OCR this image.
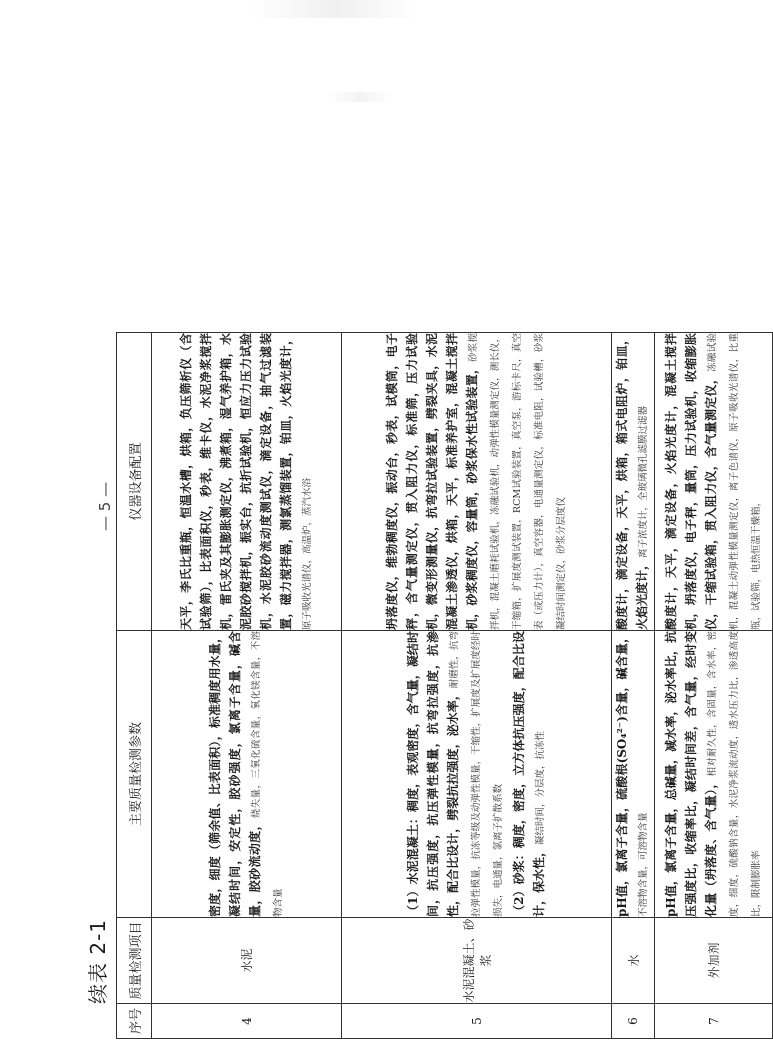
续表 2-1
序号	质量检测项目	主要质量检测参数	仪器设备配置
4	水泥	密度，细度（筛余值、比表面积），标准稠度用水量，凝结时间，安定性，胶砂强度，氯离子含量，碱含量，胶砂流动度，烧失量，三氧化硫含量，氧化镁含量，不溶物含量	天平，李氏比重瓶，恒温水槽，烘箱，负压筛析仪（含试验筛），比表面积仪，秒表，维卡仪，水泥净浆搅拌机，雷氏夹及其膨胀测定仪，沸煮箱，湿气养护箱，水泥胶砂搅拌机，振实台，抗折试验机，恒应力压力试验机，水泥胶砂流动度测试仪，滴定设备，抽气过滤装置，磁力搅拌器，测氯蒸馏装置，铂皿，火焰光度计， 原子吸收光谱仪，高温炉，蒸汽水浴
5	水泥混凝土、砂浆	（1）水泥混凝土：稠度，表观密度，含气量，凝结时间，抗压强度，抗压弹性模量，抗弯拉强度，抗渗性，配合比设计，劈裂抗拉强度，泌水率，耐磨性，抗弯拉弹性模量，抗冻等级及动弹性模量，干缩性，扩展度及扩展度经时损失，电通量，氯离子扩散系数 （2）砂浆：稠度，密度，立方体抗压强度，配合比设计，保水性，凝结时间，分层度，抗冻性	坍落度仪，维勃稠度仪，振动台，秒表，试模筒，电子秤，含气量测定仪，贯入阻力仪，标准筛，压力试验机，微变形测量仪，抗弯拉试验装置，劈裂夹具，水泥混凝土渗透仪，烘箱，天平，标准养护室，混凝土搅拌机，砂浆稠度仪，容量筒，砂浆保水性试验装置，砂浆搅拌机，混凝土磨耗试验机，冻融试验机，动弹性模量测定仪，测长仪，干缩箱，扩展度测试装置，RCM试验装置，真空泵，游标卡尺，真空表（或压力计），真空容器，电通量测定仪，标准电阻，试验槽，砂浆凝结时间测定仪，砂浆分层度仪
6	水	pH值，氯离子含量，硫酸根(SO₄²⁻)含量，碱含量， 不溶物含量，可溶物含量	酸度计，滴定设备，天平，烘箱，箱式电阻炉，铂皿，火焰光度计，离子浓度计，全玻璃微孔滤膜过滤器
7	外加剂	pH值，氯离子含量，总碱量，减水率，泌水率比，抗压强度比，收缩率比，凝结时间差，含气量，经时变化量（坍落度、含气量），相对耐久性，含固量，含水率，密度，细度，硫酸钠含量，水泥净浆流动度，透水压力比，渗透高度比，限制膨胀率	酸度计，天平，滴定设备，火焰光度计，混凝土搅拌机，坍落度仪，电子秤，量筒，压力试验机，收缩膨胀仪，干缩试验箱，贯入阻力仪，含气量测定仪，冻融试验机，混凝土动弹性模量测定仪，离子色谱仪，原子吸收光谱仪，比重瓶，试验筛，电热恒温干燥箱，
— 5 —
